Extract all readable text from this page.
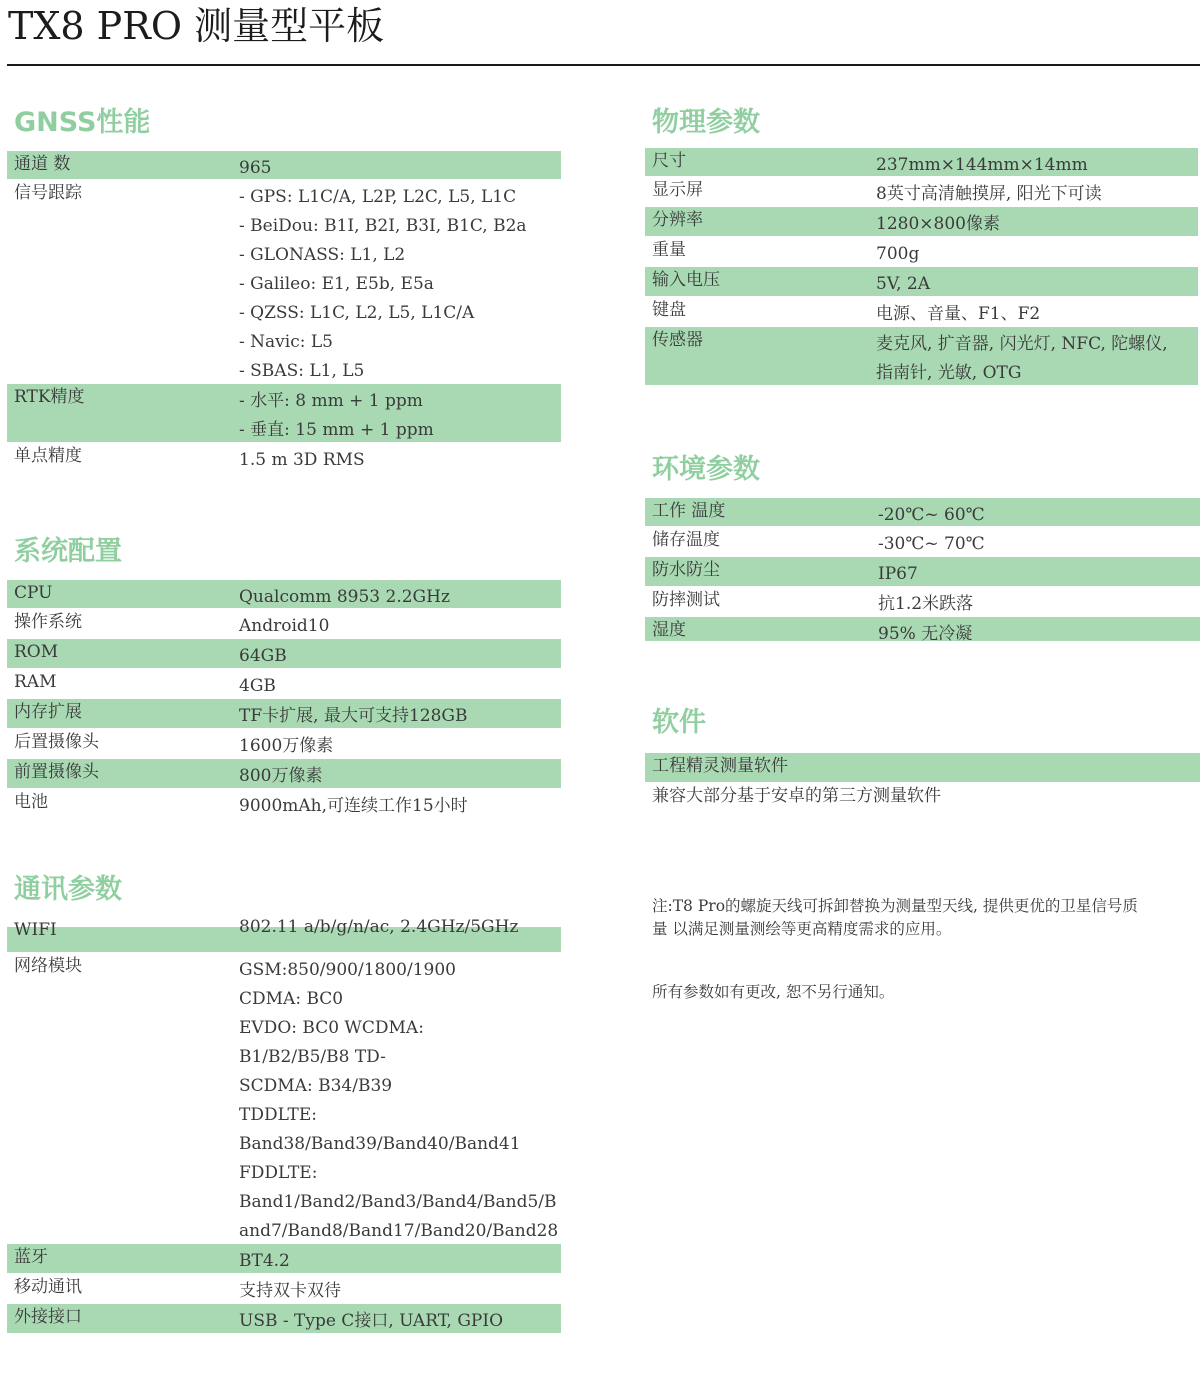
TX8 PRO 测量型平板
GNSS性能
系统配置
通讯参数
物理参数
环境参数
软件
通道 数	965
信号跟踪	- GPS: L1C/A, L2P, L2C, L5, L1C
- BeiDou: B1I, B2I, B3I, B1C, B2a
- GLONASS: L1, L2
- Galileo: E1, E5b, E5a
- QZSS: L1C, L2, L5, L1C/A
- Navic: L5
- SBAS: L1, L5
RTK精度	- 水平: 8 mm + 1 ppm
- 垂直: 15 mm + 1 ppm
单点精度	1.5 m 3D RMS
CPU	Qualcomm 8953 2.2GHz
操作系统	Android10
ROM	64GB
RAM	4GB
内存扩展	TF卡扩展, 最大可支持128GB
后置摄像头	1600万像素
前置摄像头	800万像素
电池	9000mAh,可连续工作15小时
WIFI	802.11 a/b/g/n/ac, 2.4GHz/5GHz
网络模块	GSM:850/900/1800/1900
CDMA: BC0
EVDO: BC0 WCDMA:
B1/B2/B5/B8 TD-
SCDMA: B34/B39
TDDLTE:
Band38/Band39/Band40/Band41
FDDLTE:
Band1/Band2/Band3/Band4/Band5/B
and7/Band8/Band17/Band20/Band28
蓝牙	BT4.2
移动通讯	支持双卡双待
外接接口	USB - Type C接口, UART, GPIO
尺寸	237mm×144mm×14mm
显示屏	8英寸高清触摸屏, 阳光下可读
分辨率	1280×800像素
重量	700g
输入电压	5V, 2A
键盘	电源、音量、F1、F2
传感器	麦克风, 扩音器, 闪光灯, NFC, 陀螺仪,
指南针, 光敏, OTG
工作 温度	-20℃~ 60℃
储存温度	-30℃~ 70℃
防水防尘	IP67
防摔测试	抗1.2米跌落
湿度	95% 无冷凝
工程精灵测量软件
兼容大部分基于安卓的第三方测量软件
注:T8 Pro的螺旋天线可拆卸替换为测量型天线, 提供更优的卫星信号质
量 以满足测量测绘等更高精度需求的应用。
所有参数如有更改, 恕不另行通知。
